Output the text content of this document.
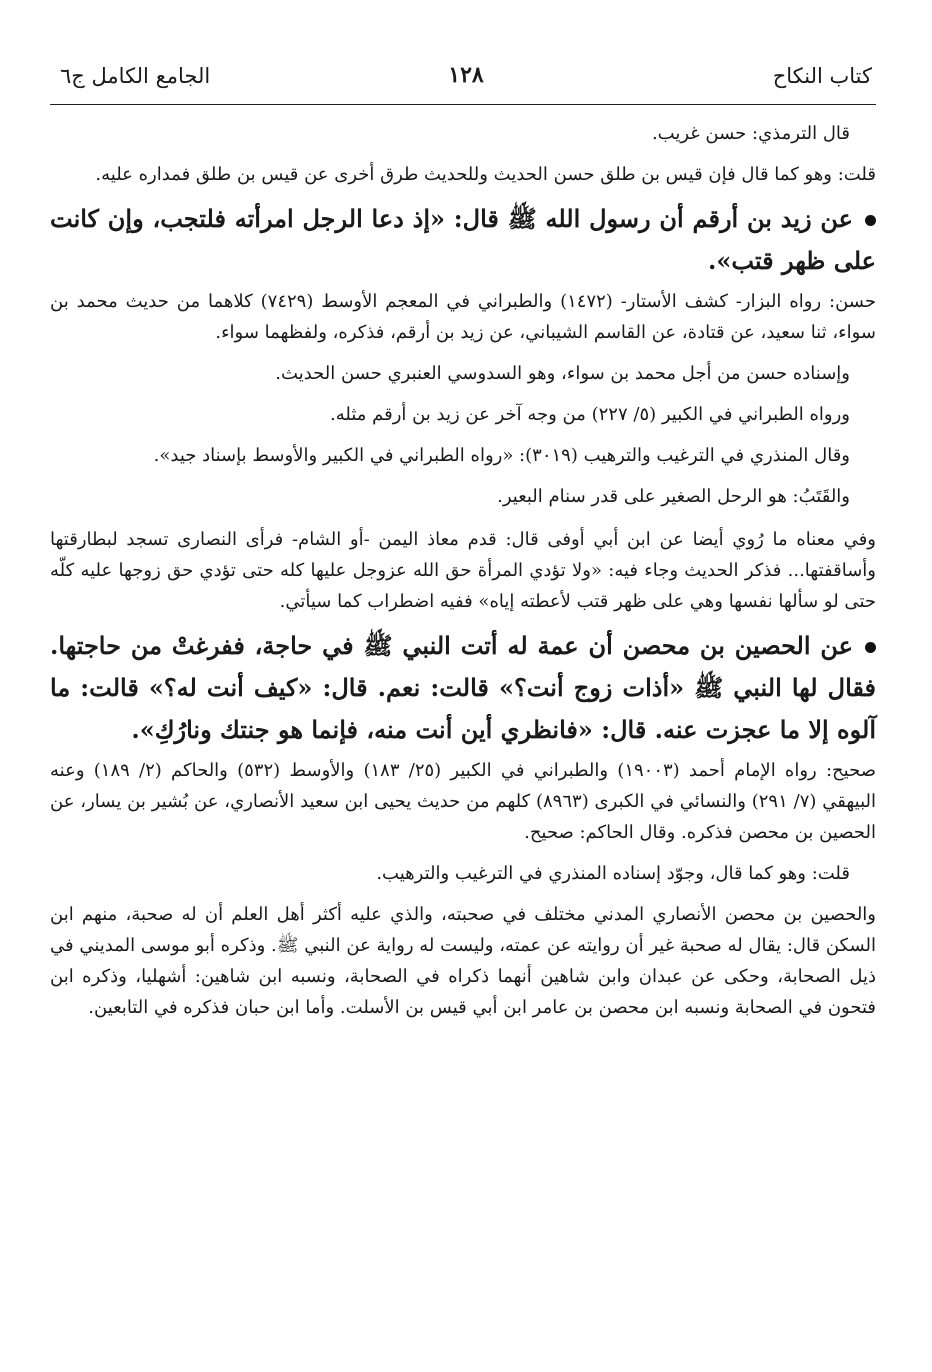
كتاب النكاح
١٢٨
الجامع الكامل ج٦

قال الترمذي: حسن غريب.

قلت: وهو كما قال فإن قيس بن طلق حسن الحديث وللحديث طرق أخرى عن قيس بن طلق فمداره عليه.

عن زيد بن أرقم أن رسول الله ﷺ قال: «إذ دعا الرجل امرأته فلتجب، وإن كانت على ظهر قتب».

حسن: رواه البزار- كشف الأستار- (١٤٧٢) والطبراني في المعجم الأوسط (٧٤٢٩) كلاهما من حديث محمد بن سواء، ثنا سعيد، عن قتادة، عن القاسم الشيباني، عن زيد بن أرقم، فذكره، ولفظهما سواء.

وإسناده حسن من أجل محمد بن سواء، وهو السدوسي العنبري حسن الحديث.

ورواه الطبراني في الكبير (٥/ ٢٢٧) من وجه آخر عن زيد بن أرقم مثله.

وقال المنذري في الترغيب والترهيب (٣٠١٩): «رواه الطبراني في الكبير والأوسط بإسناد جيد».

والقَتَبُ: هو الرحل الصغير على قدر سنام البعير.

وفي معناه ما رُوي أيضا عن ابن أبي أوفى قال: قدم معاذ اليمن -أو الشام- فرأى النصارى تسجد لبطارقتها وأساقفتها... فذكر الحديث وجاء فيه: «ولا تؤدي المرأة حق الله عزوجل عليها كله حتى تؤدي حق زوجها عليه كلّه حتى لو سألها نفسها وهي على ظهر قتب لأعطته إياه» ففيه اضطراب كما سيأتي.

عن الحصين بن محصن أن عمة له أتت النبي ﷺ في حاجة، ففرغتْ من حاجتها. فقال لها النبي ﷺ «أذات زوج أنت؟» قالت: نعم. قال: «كيف أنت له؟» قالت: ما آلوه إلا ما عجزت عنه. قال: «فانظري أين أنت منه، فإنما هو جنتك ونارُكِ».

صحيح: رواه الإمام أحمد (١٩٠٠٣) والطبراني في الكبير (٢٥/ ١٨٣) والأوسط (٥٣٢) والحاكم (٢/ ١٨٩) وعنه البيهقي (٧/ ٢٩١) والنسائي في الكبرى (٨٩٦٣) كلهم من حديث يحيى ابن سعيد الأنصاري، عن بُشير بن يسار، عن الحصين بن محصن فذكره. وقال الحاكم: صحيح.

قلت: وهو كما قال، وجوّد إسناده المنذري في الترغيب والترهيب.

والحصين بن محصن الأنصاري المدني مختلف في صحبته، والذي عليه أكثر أهل العلم أن له صحبة، منهم ابن السكن قال: يقال له صحبة غير أن روايته عن عمته، وليست له رواية عن النبي ﷺ. وذكره أبو موسى المديني في ذيل الصحابة، وحكى عن عبدان وابن شاهين أنهما ذكراه في الصحابة، ونسبه ابن شاهين: أشهليا، وذكره ابن فتحون في الصحابة ونسبه ابن محصن بن عامر ابن أبي قيس بن الأسلت. وأما ابن حبان فذكره في التابعين.
